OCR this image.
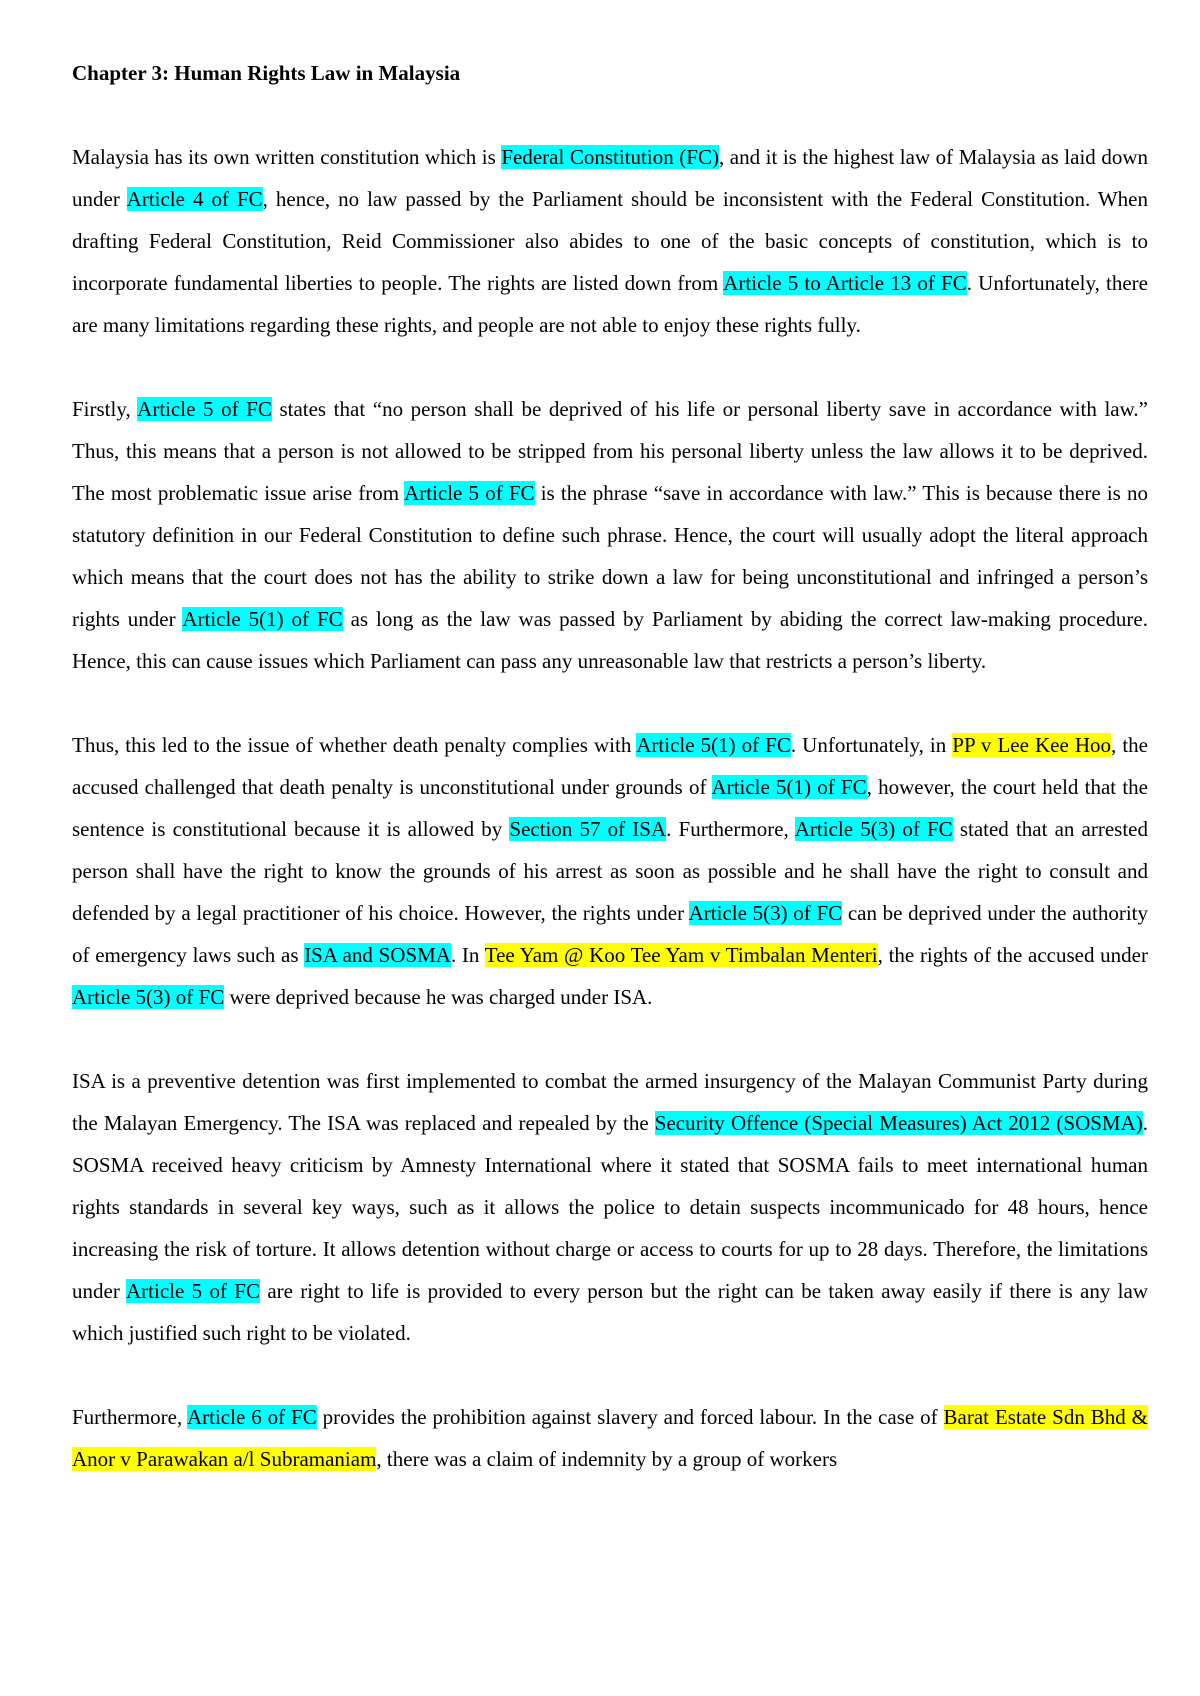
Chapter 3: Human Rights Law in Malaysia

Malaysia has its own written constitution which is Federal Constitution (FC), and it is the highest law of Malaysia as laid down under Article 4 of FC, hence, no law passed by the Parliament should be inconsistent with the Federal Constitution. When drafting Federal Constitution, Reid Commissioner also abides to one of the basic concepts of constitution, which is to incorporate fundamental liberties to people. The rights are listed down from Article 5 to Article 13 of FC. Unfortunately, there are many limitations regarding these rights, and people are not able to enjoy these rights fully.

Firstly, Article 5 of FC states that “no person shall be deprived of his life or personal liberty save in accordance with law.” Thus, this means that a person is not allowed to be stripped from his personal liberty unless the law allows it to be deprived. The most problematic issue arise from Article 5 of FC is the phrase “save in accordance with law.” This is because there is no statutory definition in our Federal Constitution to define such phrase. Hence, the court will usually adopt the literal approach which means that the court does not has the ability to strike down a law for being unconstitutional and infringed a person’s rights under Article 5(1) of FC as long as the law was passed by Parliament by abiding the correct law-making procedure. Hence, this can cause issues which Parliament can pass any unreasonable law that restricts a person’s liberty.

Thus, this led to the issue of whether death penalty complies with Article 5(1) of FC. Unfortunately, in PP v Lee Kee Hoo, the accused challenged that death penalty is unconstitutional under grounds of Article 5(1) of FC, however, the court held that the sentence is constitutional because it is allowed by Section 57 of ISA. Furthermore, Article 5(3) of FC stated that an arrested person shall have the right to know the grounds of his arrest as soon as possible and he shall have the right to consult and defended by a legal practitioner of his choice. However, the rights under Article 5(3) of FC can be deprived under the authority of emergency laws such as ISA and SOSMA. In Tee Yam @ Koo Tee Yam v Timbalan Menteri, the rights of the accused under Article 5(3) of FC were deprived because he was charged under ISA.

ISA is a preventive detention was first implemented to combat the armed insurgency of the Malayan Communist Party during the Malayan Emergency. The ISA was replaced and repealed by the Security Offence (Special Measures) Act 2012 (SOSMA). SOSMA received heavy criticism by Amnesty International where it stated that SOSMA fails to meet international human rights standards in several key ways, such as it allows the police to detain suspects incommunicado for 48 hours, hence increasing the risk of torture. It allows detention without charge or access to courts for up to 28 days. Therefore, the limitations under Article 5 of FC are right to life is provided to every person but the right can be taken away easily if there is any law which justified such right to be violated.

Furthermore, Article 6 of FC provides the prohibition against slavery and forced labour. In the case of Barat Estate Sdn Bhd & Anor v Parawakan a/l Subramaniam, there was a claim of indemnity by a group of workers
